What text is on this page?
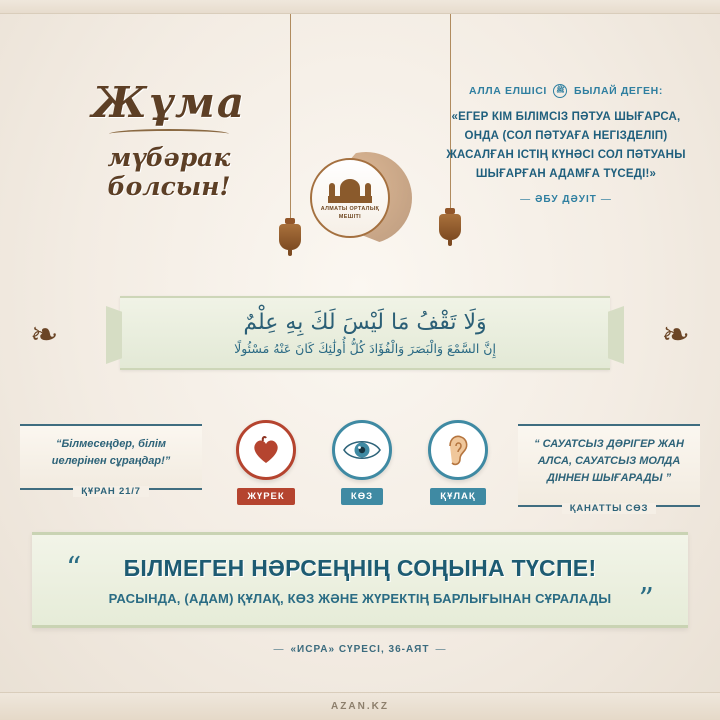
Жұма
мүбәрак болсын!
АЛЛА ЕЛШІСІ ﷺ БЫЛАЙ ДЕГЕН:
«ЕГЕР КІМ БІЛІМСІЗ ПӘТУА ШЫҒАРСА, ОНДА (СОЛ ПӘТУАҒА НЕГІЗДЕЛІП) ЖАСАЛҒАН ІСТІҢ КҮНӘСІ СОЛ ПӘТУАНЫ ШЫҒАРҒАН АДАМҒА ТҮСЕДІ!»
— ӘБУ ДӘУІТ —
АЛМАТЫ ОРТАЛЫҚ
МЕШІТІ
وَلَا تَقْفُ مَا لَيْسَ لَكَ بِهِ عِلْمٌ
إِنَّ السَّمْعَ وَالْبَصَرَ وَالْفُؤَادَ كُلُّ أُولَٰئِكَ كَانَ عَنْهُ مَسْئُولًا
❧	❧
“Білмесеңдер, білім иелерінен сұраңдар!”
ҚҰРАН 21/7
“ САУАТСЫЗ ДӘРІГЕР ЖАН АЛСА, САУАТСЫЗ МОЛДА ДІННЕН ШЫҒАРАДЫ ”
ҚАНАТТЫ СӨЗ
ЖҮРЕК	КӨЗ	ҚҰЛАҚ
“ БІЛМЕГЕН НӘРСЕҢНІҢ СОҢЫНА ТҮСПЕ!
РАСЫНДА, (АДАМ) ҚҰЛАҚ, КӨЗ ЖӘНЕ ЖҮРЕКТІҢ БАРЛЫҒЫНАН СҰРАЛАДЫ ”
— «ИСРА» СҮРЕСІ, 36-АЯТ —
AZAN.KZ
